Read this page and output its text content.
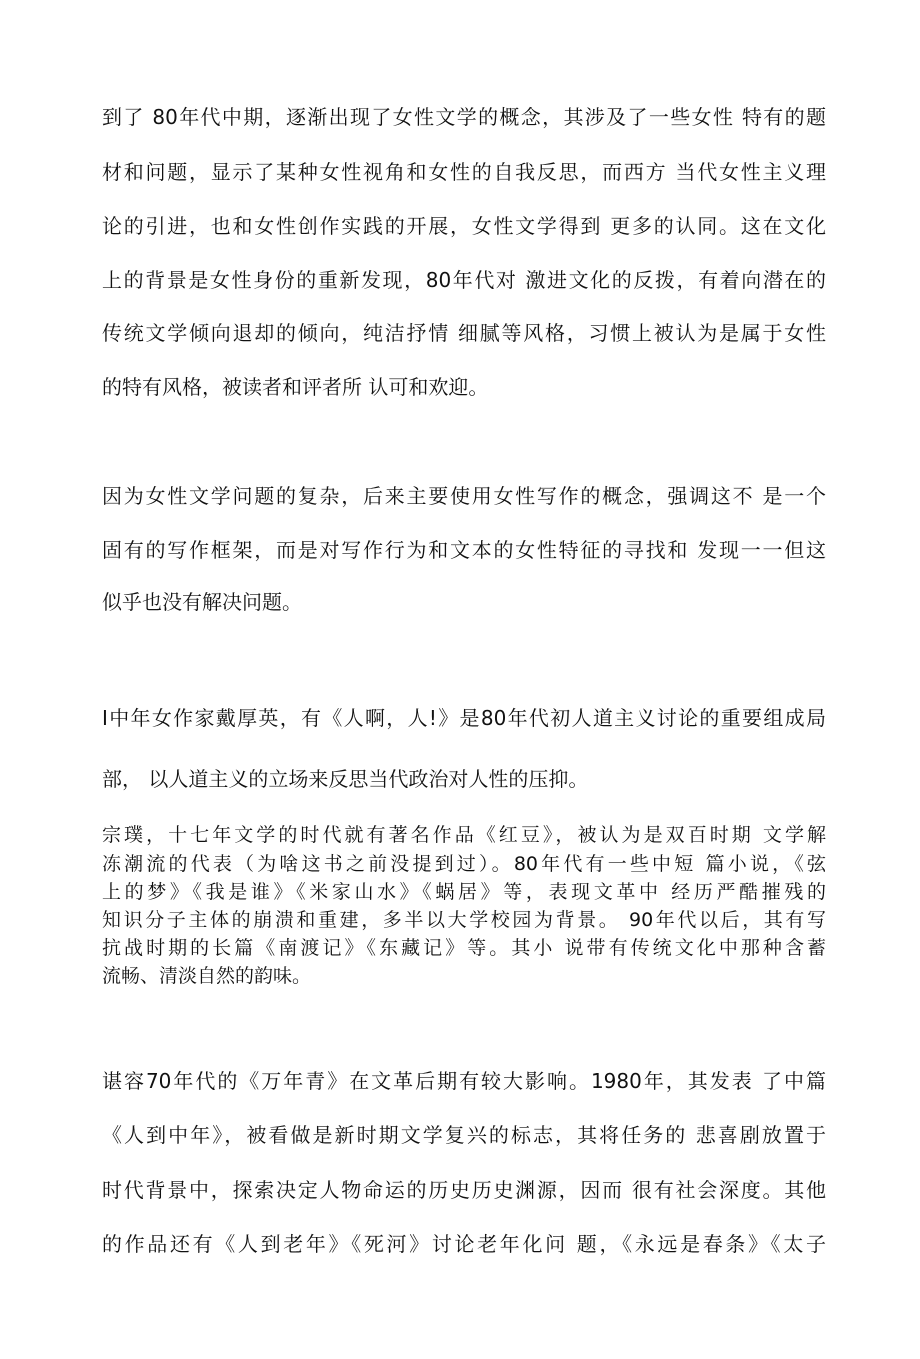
到了 80年代中期，逐渐出现了女性文学的概念，其涉及了一些女性 特有的题
材和问题，显示了某种女性视角和女性的自我反思，而西方 当代女性主义理
论的引进，也和女性创作实践的开展，女性文学得到 更多的认同。这在文化
上的背景是女性身份的重新发现，80年代对 激进文化的反拨，有着向潜在的
传统文学倾向退却的倾向，纯洁抒情 细腻等风格，习惯上被认为是属于女性
的特有风格，被读者和评者所 认可和欢迎。
因为女性文学问题的复杂，后来主要使用女性写作的概念，强调这不 是一个
固有的写作框架，而是对写作行为和文本的女性特征的寻找和 发现一一但这
似乎也没有解决问题。
I中年女作家戴厚英，有《人啊，人!》是80年代初人道主义讨论的重要组成局
部， 以人道主义的立场来反思当代政治对人性的压抑。
宗璞，十七年文学的时代就有著名作品《红豆》，被认为是双百时期 文学解
冻潮流的代表（为啥这书之前没提到过）。80年代有一些中短 篇小说，《弦
上的梦》《我是谁》《米家山水》《蜗居》等，表现文革中 经历严酷摧残的
知识分子主体的崩溃和重建，多半以大学校园为背景。 90年代以后，其有写
抗战时期的长篇《南渡记》《东藏记》等。其小 说带有传统文化中那种含蓄
流畅、清淡自然的韵味。
谌容70年代的《万年青》在文革后期有较大影响。1980年，其发表 了中篇
《人到中年》，被看做是新时期文学复兴的标志，其将任务的 悲喜剧放置于
时代背景中，探索决定人物命运的历史历史渊源，因而 很有社会深度。其他
的作品还有《人到老年》《死河》讨论老年化问 题，《永远是春条》《太子
